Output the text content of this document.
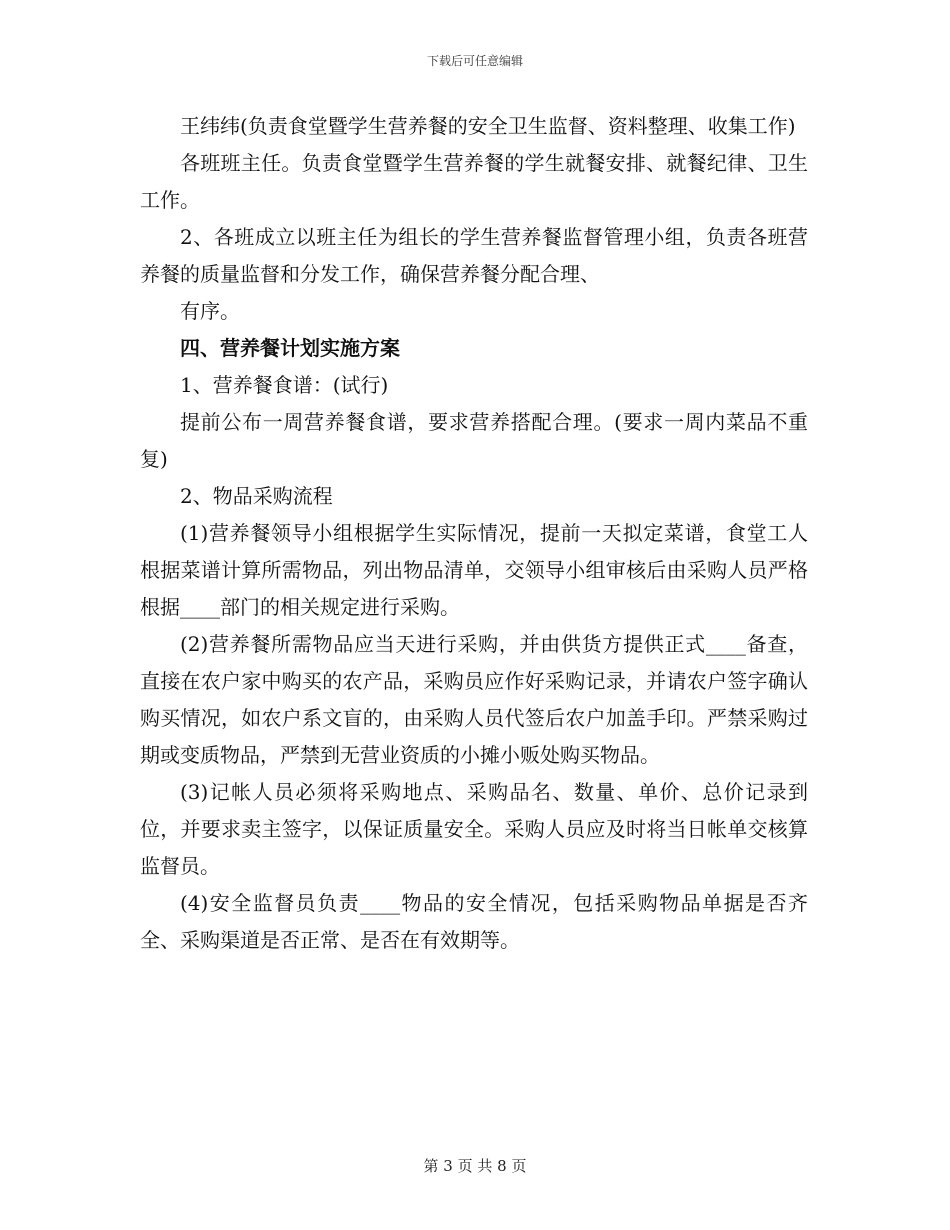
下载后可任意编辑

王纬纬(负责食堂暨学生营养餐的安全卫生监督、资料整理、收集工作)

各班班主任。负责食堂暨学生营养餐的学生就餐安排、就餐纪律、卫生工作。

2、各班成立以班主任为组长的学生营养餐监督管理小组，负责各班营养餐的质量监督和分发工作，确保营养餐分配合理、

有序。

四、营养餐计划实施方案

1、营养餐食谱：(试行)

提前公布一周营养餐食谱，要求营养搭配合理。(要求一周内菜品不重复)

2、物品采购流程

(1)营养餐领导小组根据学生实际情况，提前一天拟定菜谱，食堂工人根据菜谱计算所需物品，列出物品清单，交领导小组审核后由采购人员严格根据____部门的相关规定进行采购。

(2)营养餐所需物品应当天进行采购，并由供货方提供正式____备查，直接在农户家中购买的农产品，采购员应作好采购记录，并请农户签字确认购买情况，如农户系文盲的，由采购人员代签后农户加盖手印。严禁采购过期或变质物品，严禁到无营业资质的小摊小贩处购买物品。

(3)记帐人员必须将采购地点、采购品名、数量、单价、总价记录到位，并要求卖主签字，以保证质量安全。采购人员应及时将当日帐单交核算监督员。

(4)安全监督员负责____物品的安全情况，包括采购物品单据是否齐全、采购渠道是否正常、是否在有效期等。

第 3 页 共 8 页
